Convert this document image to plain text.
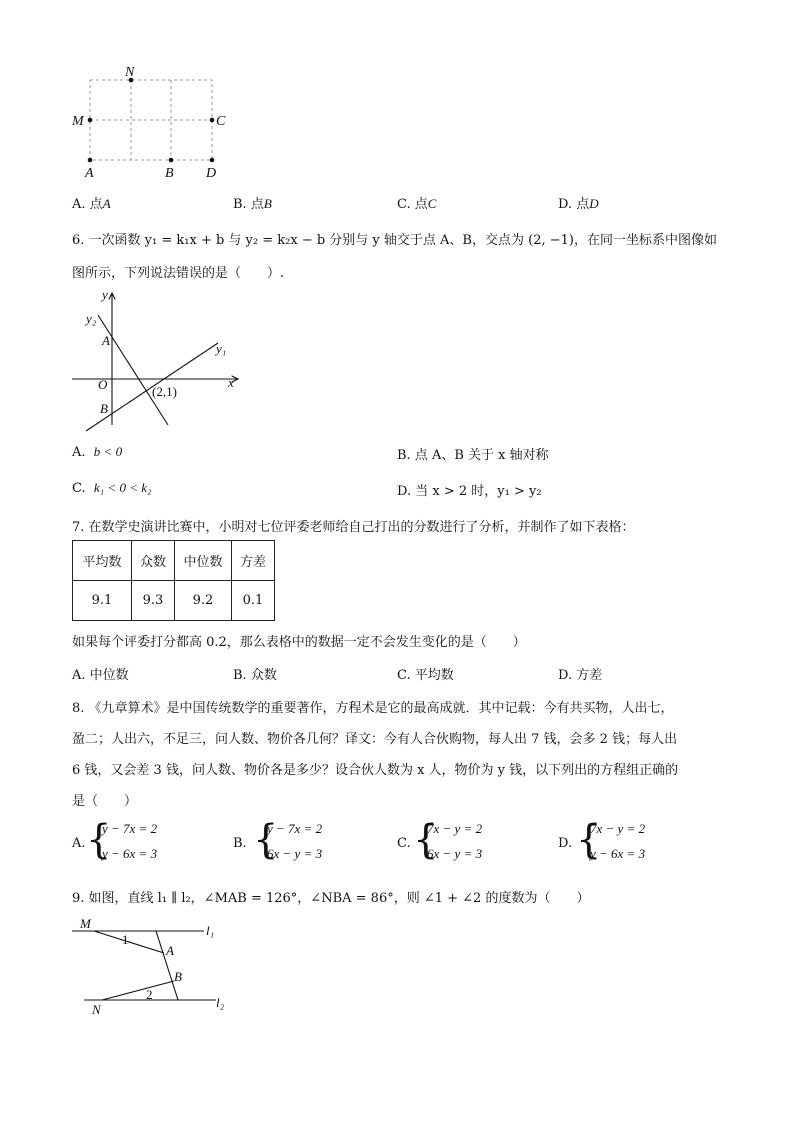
N
M	C
A	B D
A. 点A	B. 点B	C. 点C	D. 点D
6. 一次函数 y₁ = k₁x + b 与 y₂ = k₂x − b 分别与 y 轴交于点 A、B，交点为 (2, −1)，在同一坐标系中图像如
图所示，下列说法错误的是（　　）.
y
y₂
A
y₁
O	x
(2,1)
B
A. b < 0	B. 点 A、B 关于 x 轴对称
C. k₁ < 0 < k₂	D. 当 x > 2 时，y₁ > y₂
7. 在数学史演讲比赛中，小明对七位评委老师给自己打出的分数进行了分析，并制作了如下表格：
平均数	众数	中位数	方差
9.1	9.3	9.2	0.1
如果每个评委打分都高 0.2，那么表格中的数据一定不会发生变化的是（　　）
A. 中位数	B. 众数	C. 平均数	D. 方差
8. 《九章算术》是中国传统数学的重要著作，方程术是它的最高成就．其中记载：今有共买物，人出七，
盈二；人出六，不足三，问人数、物价各几何？译文：今有人合伙购物，每人出 7 钱，会多 2 钱；每人出
6 钱，又会差 3 钱，问人数、物价各是多少？设合伙人数为 x 人，物价为 y 钱，以下列出的方程组正确的
是（　　）
A. {
y − 7x = 2
y − 6x = 3
B. {
y − 7x = 2
6x − y = 3
C. {
7x − y = 2
6x − y = 3
D. {
7x − y = 2
y − 6x = 3
9. 如图，直线 l₁ ∥ l₂，∠MAB = 126°，∠NBA = 86°，则 ∠1 + ∠2 的度数为（　　）
M	l₁
1
A
B
2
N	l₂
